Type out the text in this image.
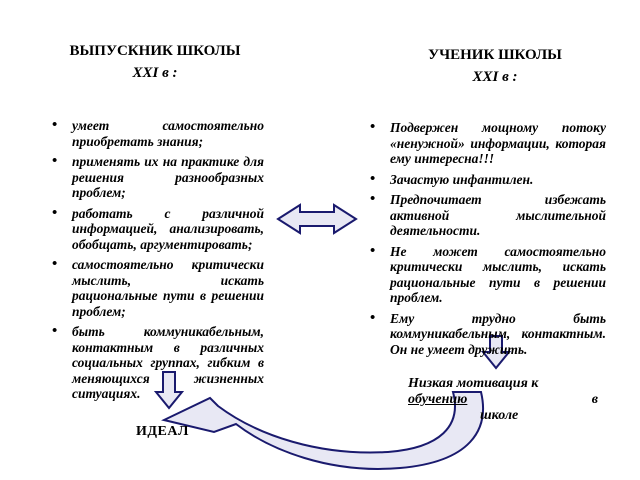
ВЫПУСКНИК ШКОЛЫ
XXI в :
УЧЕНИК ШКОЛЫ
XXI в :
• умеет самостоятельно приобретать знания;
• применять их на практике для решения разнообразных проблем;
• работать с различной информацией, анализировать, обобщать, аргументировать;
• самостоятельно критически мыслить, искать рациональные пути в решении проблем;
• быть коммуникабельным, контактным в различных социальных группах, гибким в меняющихся жизненных ситуациях.
• Подвержен мощному потоку «ненужной» информации, которая ему интересна!!!
• Зачастую инфантилен.
• Предпочитает избежать активной мыслительной деятельности.
• Не может самостоятельно критически мыслить, искать рациональные пути в решении проблем.
• Ему трудно быть коммуникабельным, контактным. Он не умеет дружить.
Низкая мотивация к
обучению	в
школе
ИДЕАЛ
